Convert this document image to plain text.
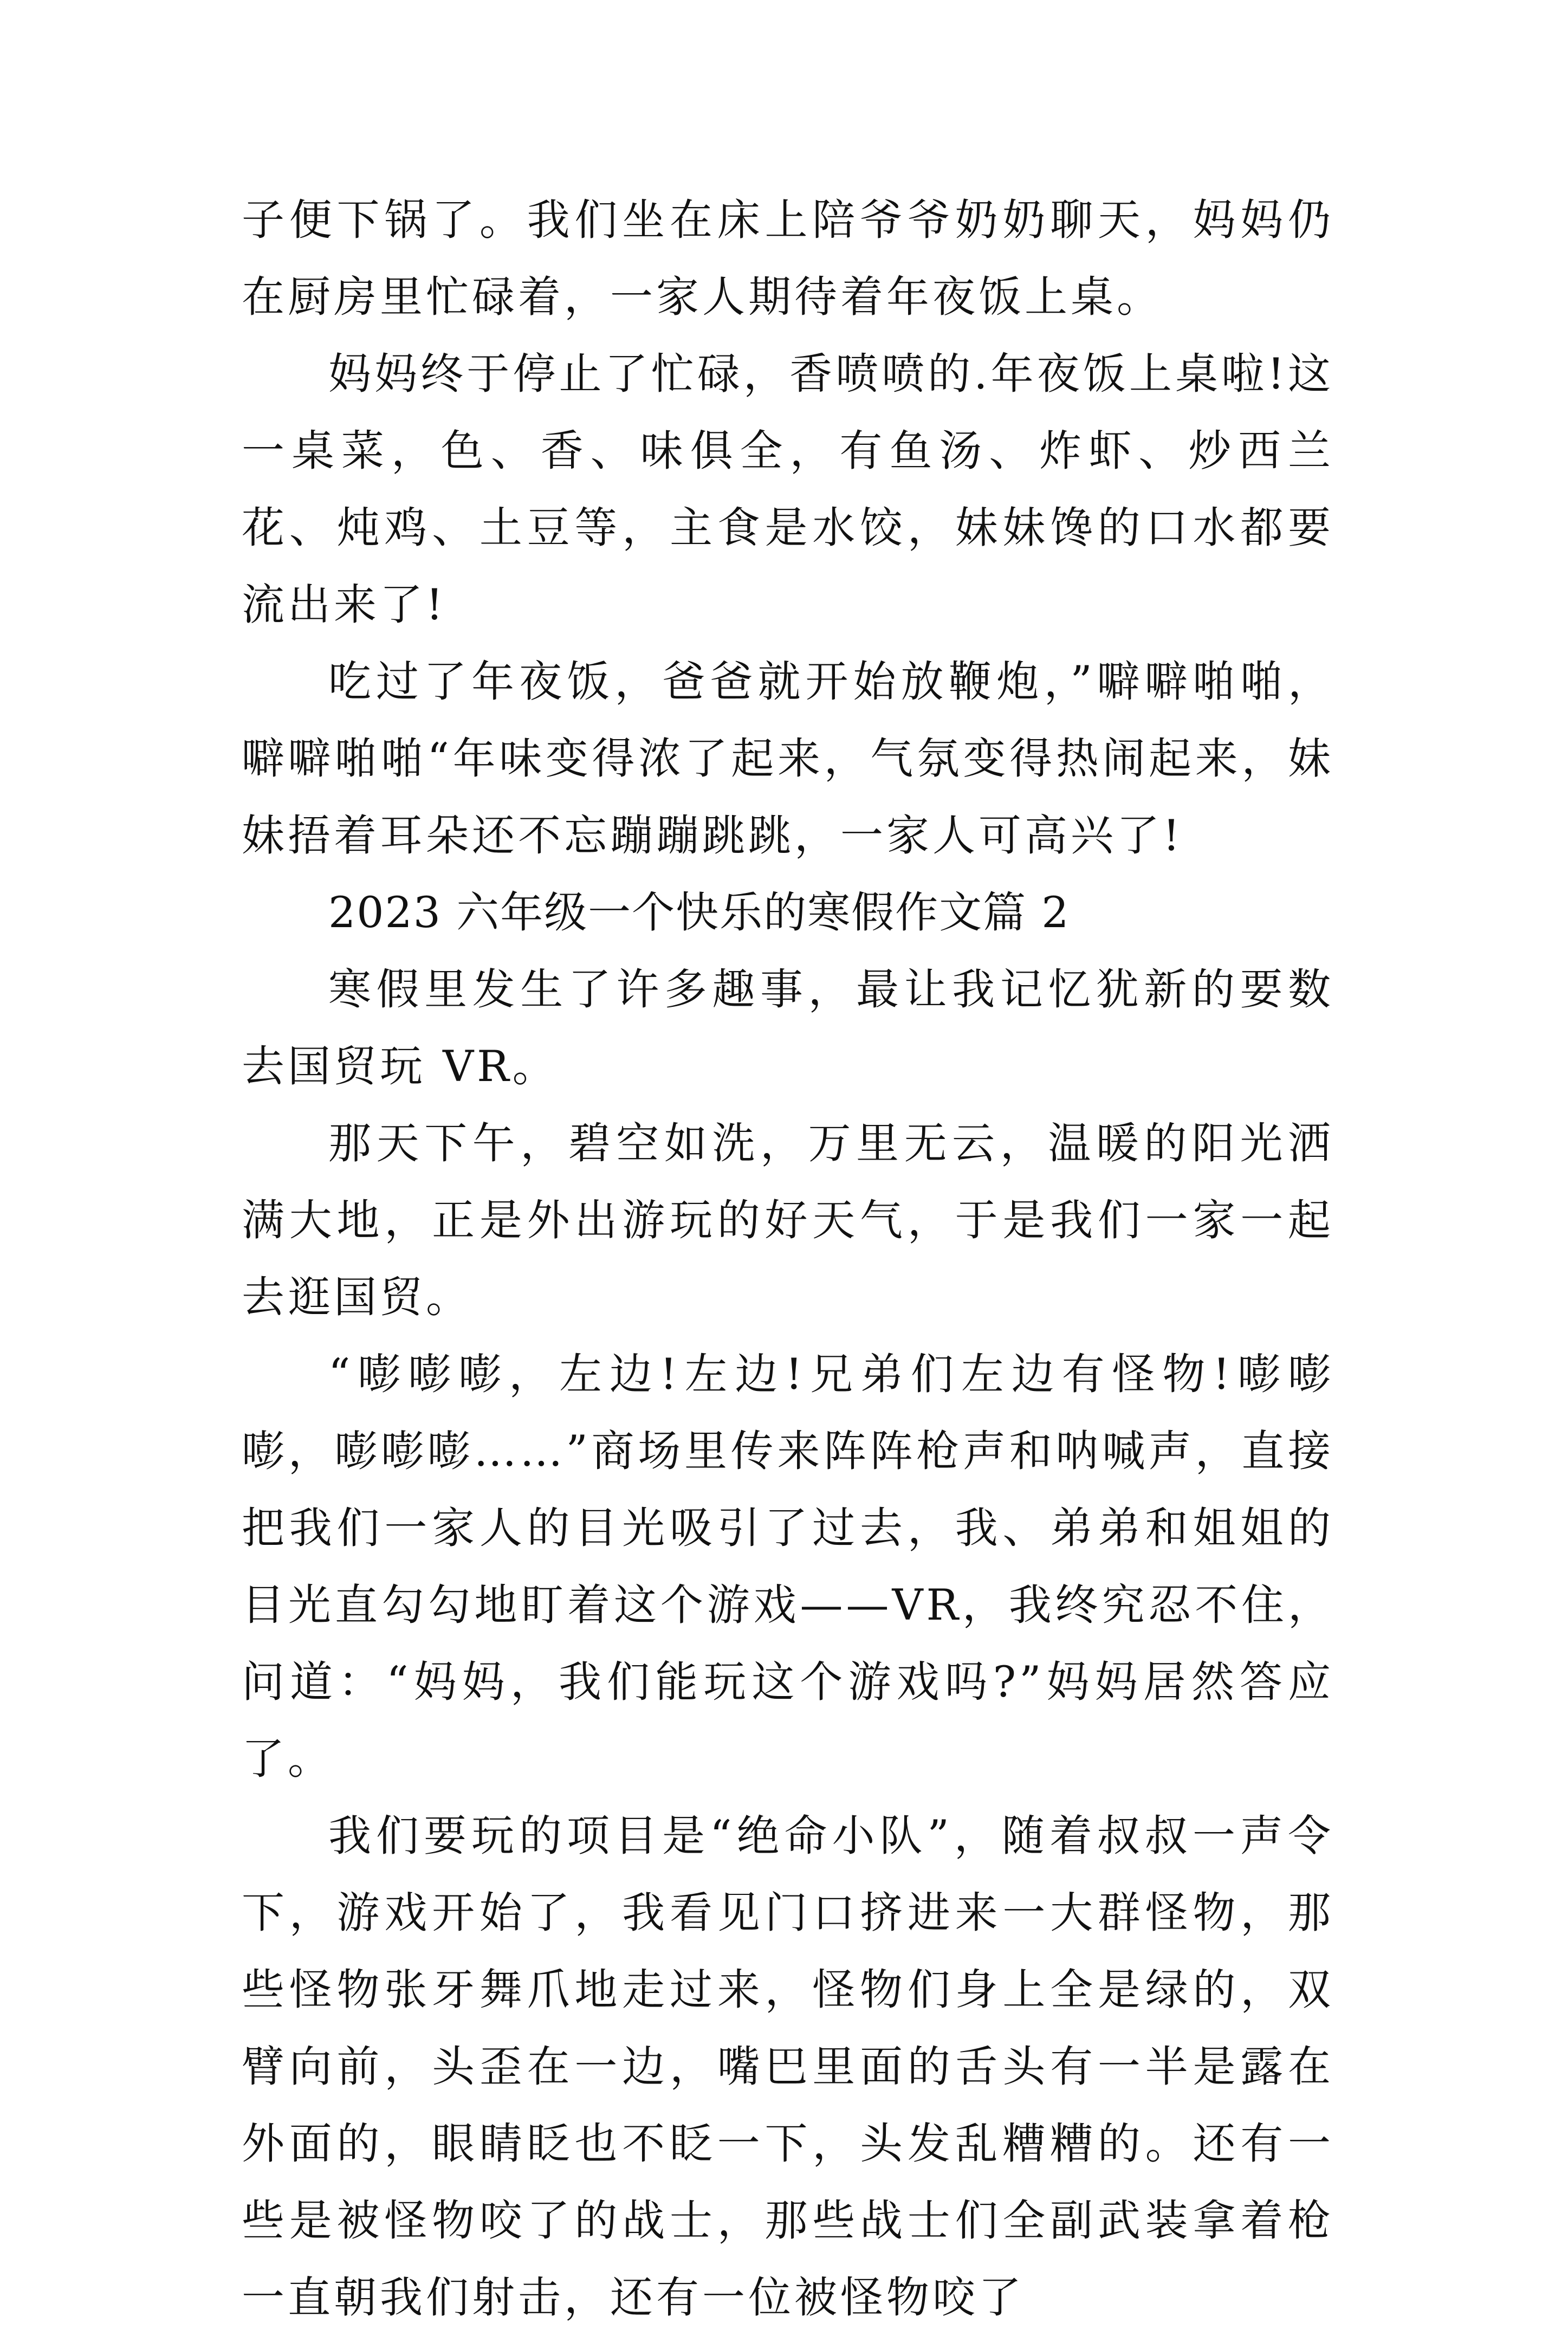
子便下锅了。我们坐在床上陪爷爷奶奶聊天，妈妈仍在厨房里忙碌着，一家人期待着年夜饭上桌。

妈妈终于停止了忙碌，香喷喷的.年夜饭上桌啦!这一桌菜，色、香、味俱全，有鱼汤、炸虾、炒西兰花、炖鸡、土豆等，主食是水饺，妹妹馋的口水都要流出来了!

吃过了年夜饭，爸爸就开始放鞭炮，”噼噼啪啪，噼噼啪啪“年味变得浓了起来，气氛变得热闹起来，妹妹捂着耳朵还不忘蹦蹦跳跳，一家人可高兴了!

2023 六年级一个快乐的寒假作文篇 2

寒假里发生了许多趣事，最让我记忆犹新的要数去国贸玩 VR。

那天下午，碧空如洗，万里无云，温暖的阳光洒满大地，正是外出游玩的好天气，于是我们一家一起去逛国贸。

“嘭嘭嘭，左边!左边!兄弟们左边有怪物!嘭嘭嘭，嘭嘭嘭……”商场里传来阵阵枪声和呐喊声，直接把我们一家人的目光吸引了过去，我、弟弟和姐姐的目光直勾勾地盯着这个游戏——VR，我终究忍不住，问道：“妈妈，我们能玩这个游戏吗?”妈妈居然答应了。

我们要玩的项目是“绝命小队”，随着叔叔一声令下，游戏开始了，我看见门口挤进来一大群怪物，那些怪物张牙舞爪地走过来，怪物们身上全是绿的，双臂向前，头歪在一边，嘴巴里面的舌头有一半是露在外面的，眼睛眨也不眨一下，头发乱糟糟的。还有一些是被怪物咬了的战士，那些战士们全副武装拿着枪一直朝我们射击，还有一位被怪物咬了
